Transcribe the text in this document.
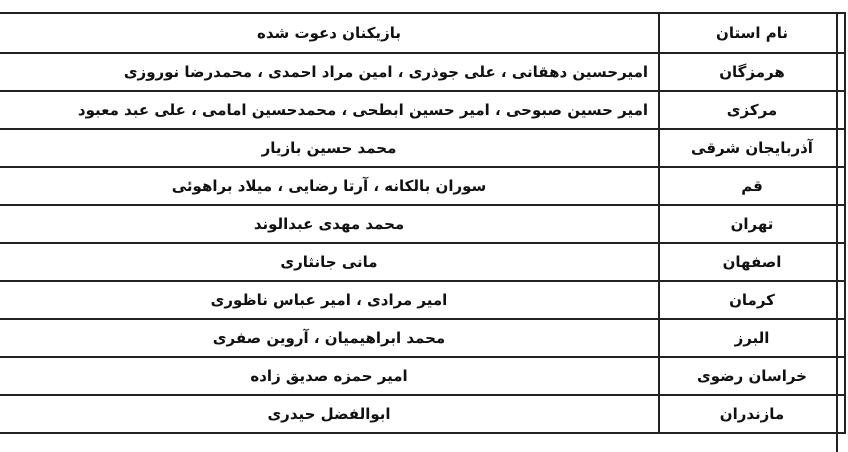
بازیکنان دعوت شده	نام استان
امیرحسین دهقانی ، علی جوذری ، امین مراد احمدی ، محمدرضا نوروزی	هرمزگان
امیر حسین صبوحی ، امیر حسین ابطحی ، محمدحسین امامی ، علی عبد معبود	مرکزی
محمد حسین بازیار	آذربایجان شرقی
سوران بالکانه ، آرتا رضایی ، میلاد براهوئی	قم
محمد مهدی عبدالوند	تهران
مانی جانثاری	اصفهان
امیر مرادی ، امیر عباس ناظوری	کرمان
محمد ابراهیمیان ، آروین صفری	البرز
امیر حمزه صدیق زاده	خراسان رضوی
ابوالفضل حیدری	مازندران
